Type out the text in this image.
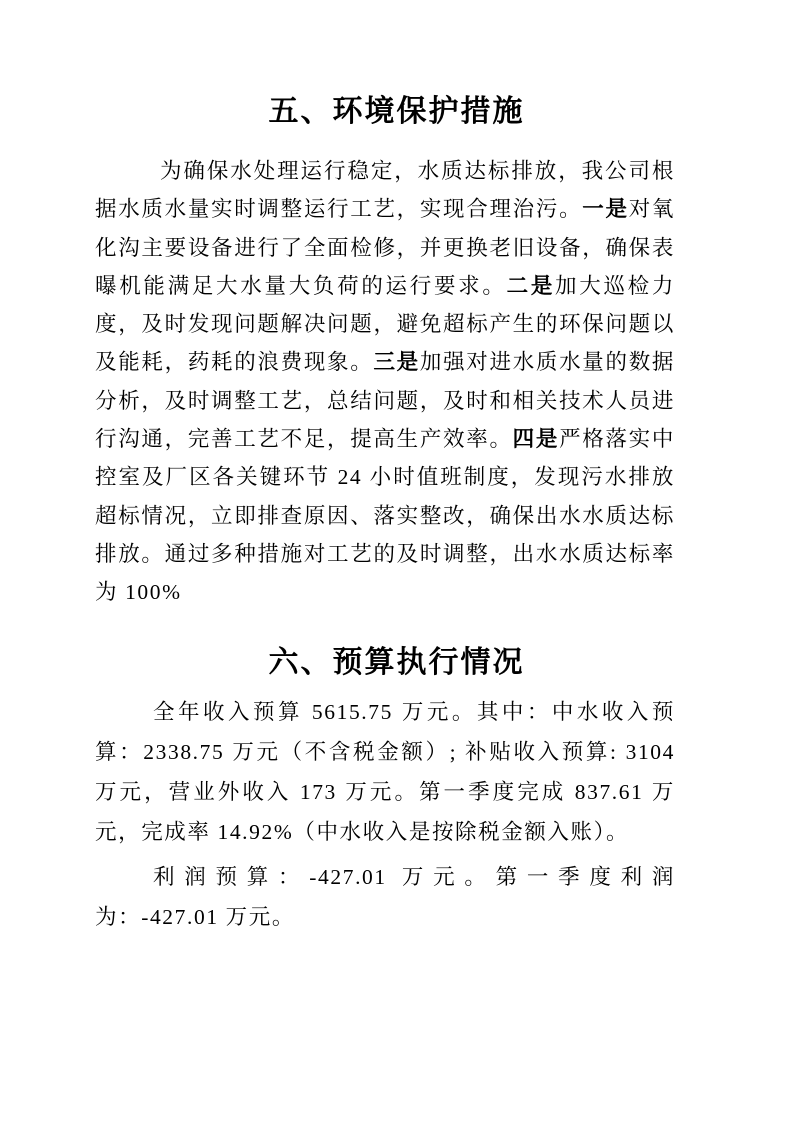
五、环境保护措施

为确保水处理运行稳定，水质达标排放，我公司根据水质水量实时调整运行工艺，实现合理治污。一是对氧化沟主要设备进行了全面检修，并更换老旧设备，确保表曝机能满足大水量大负荷的运行要求。二是加大巡检力度，及时发现问题解决问题，避免超标产生的环保问题以及能耗，药耗的浪费现象。三是加强对进水质水量的数据分析，及时调整工艺，总结问题，及时和相关技术人员进行沟通，完善工艺不足，提高生产效率。四是严格落实中控室及厂区各关键环节 24 小时值班制度，发现污水排放超标情况，立即排查原因、落实整改，确保出水水质达标排放。通过多种措施对工艺的及时调整，出水水质达标率为 100%

六、预算执行情况

全年收入预算 5615.75 万元。其中：中水收入预算：2338.75 万元（不含税金额）; 补贴收入预算: 3104 万元，营业外收入 173 万元。第一季度完成 837.61 万元，完成率 14.92%（中水收入是按除税金额入账）。

利润预算：-427.01 万元。第一季度利润为：-427.01 万元。
